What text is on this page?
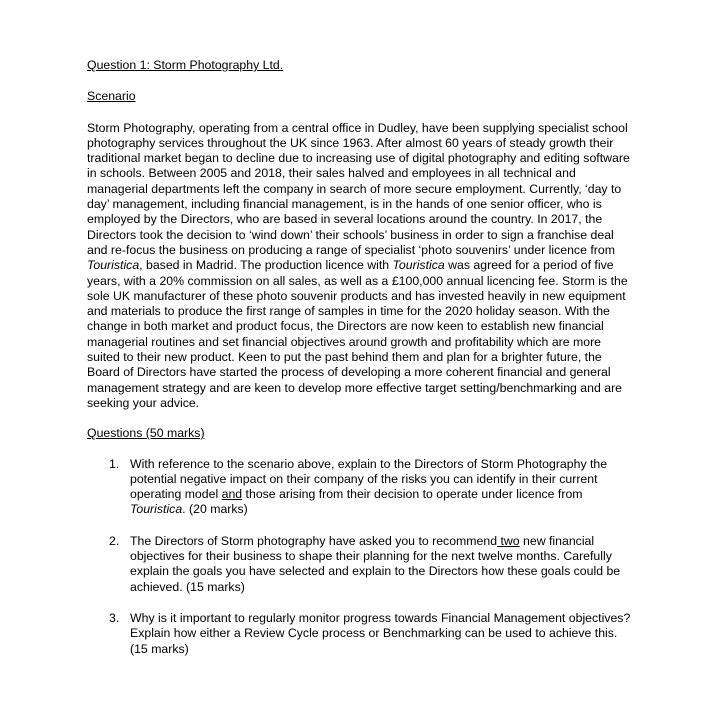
Question 1: Storm Photography Ltd.

Scenario

Storm Photography, operating from a central office in Dudley, have been supplying specialist school photography services throughout the UK since 1963. After almost 60 years of steady growth their traditional market began to decline due to increasing use of digital photography and editing software in schools. Between 2005 and 2018, their sales halved and employees in all technical and managerial departments left the company in search of more secure employment. Currently, ‘day to day’ management, including financial management, is in the hands of one senior officer, who is employed by the Directors, who are based in several locations around the country. In 2017, the Directors took the decision to ‘wind down’ their schools’ business in order to sign a franchise deal and re-focus the business on producing a range of specialist ‘photo souvenirs’ under licence from Touristica, based in Madrid. The production licence with Touristica was agreed for a period of five years, with a 20% commission on all sales, as well as a £100,000 annual licencing fee. Storm is the sole UK manufacturer of these photo souvenir products and has invested heavily in new equipment and materials to produce the first range of samples in time for the 2020 holiday season. With the change in both market and product focus, the Directors are now keen to establish new financial managerial routines and set financial objectives around growth and profitability which are more suited to their new product. Keen to put the past behind them and plan for a brighter future, the Board of Directors have started the process of developing a more coherent financial and general management strategy and are keen to develop more effective target setting/benchmarking and are seeking your advice.

Questions (50 marks)

1. With reference to the scenario above, explain to the Directors of Storm Photography the potential negative impact on their company of the risks you can identify in their current operating model and those arising from their decision to operate under licence from Touristica. (20 marks)
2. The Directors of Storm photography have asked you to recommend two new financial objectives for their business to shape their planning for the next twelve months. Carefully explain the goals you have selected and explain to the Directors how these goals could be achieved. (15 marks)
3. Why is it important to regularly monitor progress towards Financial Management objectives? Explain how either a Review Cycle process or Benchmarking can be used to achieve this. (15 marks)
